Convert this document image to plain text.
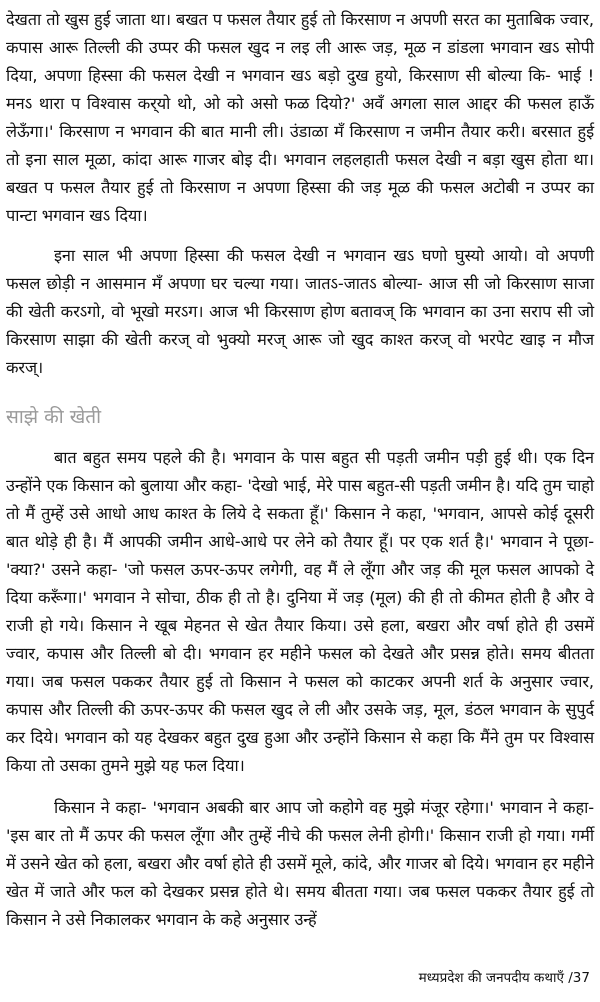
देखता तो खुस हुई जाता था। बखत प फसल तैयार हुई तो किरसाण न अपणी सरत का मुताबिक ज्वार, कपास आरू तिल्ली की उप्पर की फसल खुद न लइ ली आरू जड़, मूळ न डांडला भगवान खऽ सोपी दिया, अपणा हिस्सा की फसल देखी न भगवान खऽ बड़ो दुख हुयो, किरसाण सी बोल्या कि- भाई ! मनऽ थारा प विश्वास कर्‌यो थो, ओ को असो फळ दियो?' अवँ अगला साल आद्दर की फसल हाऊँ लेऊँगा।' किरसाण न भगवान की बात मानी ली। उंडाळा मँ किरसाण न जमीन तैयार करी। बरसात हुई तो इना साल मूळा, कांदा आरू गाजर बोइ दी। भगवान लहलहाती फसल देखी न बड़ा खुस होता था। बखत प फसल तैयार हुई तो किरसाण न अपणा हिस्सा की जड़ मूळ की फसल अटोबी न उप्पर का पान्टा भगवान खऽ दिया।

इना साल भी अपणा हिस्सा की फसल देखी न भगवान खऽ घणो घुस्यो आयो। वो अपणी फसल छोड़ी न आसमान मँ अपणा घर चल्या गया। जातऽ-जातऽ बोल्या- आज सी जो किरसाण साजा की खेती करऽगो, वो भूखो मरऽग। आज भी किरसाण होण बतावज् कि भगवान का उना सराप सी जो किरसाण साझा की खेती करज् वो भुक्यो मरज् आरू जो खुद काश्त करज् वो भरपेट खाइ न मौज करज्।

साझे की खेती

बात बहुत समय पहले की है। भगवान के पास बहुत सी पड़ती जमीन पड़ी हुई थी। एक दिन उन्होंने एक किसान को बुलाया और कहा- 'देखो भाई, मेरे पास बहुत-सी पड़ती जमीन है। यदि तुम चाहो तो मैं तुम्हें उसे आधो आध काश्त के लिये दे सकता हूँ।' किसान ने कहा, 'भगवान, आपसे कोई दूसरी बात थोड़े ही है। मैं आपकी जमीन आधे-आधे पर लेने को तैयार हूँ। पर एक शर्त है।' भगवान ने पूछा- 'क्या?' उसने कहा- 'जो फसल ऊपर-ऊपर लगेगी, वह मैं ले लूँगा और जड़ की मूल फसल आपको दे दिया करूँगा।' भगवान ने सोचा, ठीक ही तो है। दुनिया में जड़ (मूल) की ही तो कीमत होती है और वे राजी हो गये। किसान ने खूब मेहनत से खेत तैयार किया। उसे हला, बखरा और वर्षा होते ही उसमें ज्वार, कपास और तिल्ली बो दी। भगवान हर महीने फसल को देखते और प्रसन्न होते। समय बीतता गया। जब फसल पककर तैयार हुई तो किसान ने फसल को काटकर अपनी शर्त के अनुसार ज्वार, कपास और तिल्ली की ऊपर-ऊपर की फसल खुद ले ली और उसके जड़, मूल, डंठल भगवान के सुपुर्द कर दिये। भगवान को यह देखकर बहुत दुख हुआ और उन्होंने किसान से कहा कि मैंने तुम पर विश्वास किया तो उसका तुमने मुझे यह फल दिया।

किसान ने कहा- 'भगवान अबकी बार आप जो कहोगे वह मुझे मंजूर रहेगा।' भगवान ने कहा- 'इस बार तो मैं ऊपर की फसल लूँगा और तुम्हें नीचे की फसल लेनी होगी।' किसान राजी हो गया। गर्मी में उसने खेत को हला, बखरा और वर्षा होते ही उसमें मूले, कांदे, और गाजर बो दिये। भगवान हर महीने खेत में जाते और फल को देखकर प्रसन्न होते थे। समय बीतता गया। जब फसल पककर तैयार हुई तो किसान ने उसे निकालकर भगवान के कहे अनुसार उन्हें

मध्यप्रदेश की जनपदीय कथाएँ /37
